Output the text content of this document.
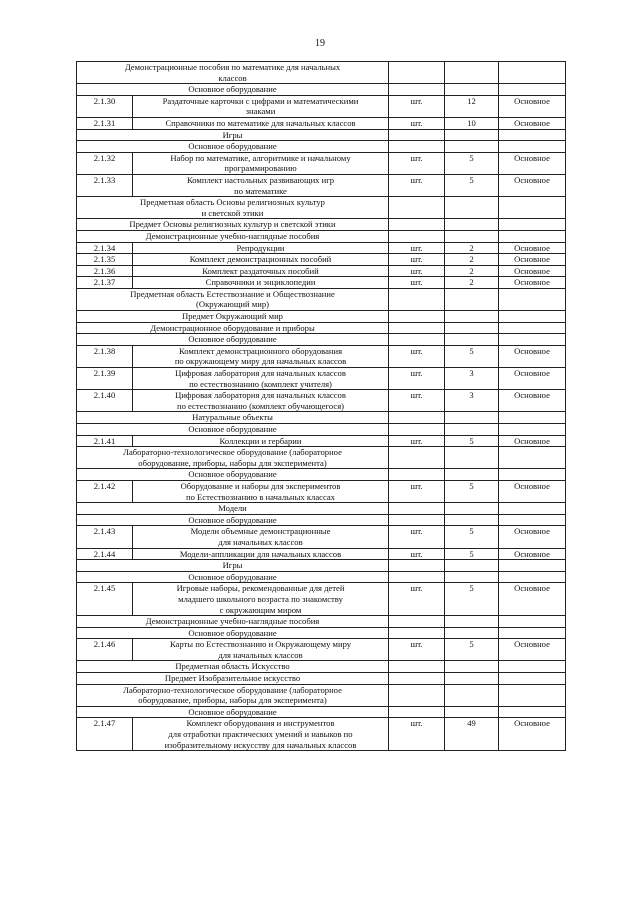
19
Демонстрационные пособия по математике для начальных
классов				
Основное оборудование				
2.1.30	Раздаточные карточки с цифрами и математическими
знаками	шт.	12	Основное
2.1.31	Справочники по математике для начальных классов	шт.	10	Основное
Игры				
Основное оборудование				
2.1.32	Набор по математике, алгоритмике и начальному
программированию	шт.	5	Основное
2.1.33	Комплект настольных развивающих игр
по математике	шт.	5	Основное
Предметная область Основы религиозных культур
и светской этики				
Предмет Основы религиозных культур и светской этики				
Демонстрационные учебно-наглядные пособия				
2.1.34	Репродукции	шт.	2	Основное
2.1.35	Комплект демонстрационных пособий	шт.	2	Основное
2.1.36	Комплект раздаточных пособий	шт.	2	Основное
2.1.37	Справочники и энциклопедии	шт.	2	Основное
Предметная область Естествознание и Обществознание
(Окружающий мир)				
Предмет Окружающий мир				
Демонстрационное оборудование и приборы				
Основное оборудование				
2.1.38	Комплект демонстрационного оборудования
по окружающему миру для начальных классов	шт.	5	Основное
2.1.39	Цифровая лаборатория для начальных классов
по естествознанию (комплект учителя)	шт.	3	Основное
2.1.40	Цифровая лаборатория для начальных классов
по естествознанию (комплект обучающегося)	шт.	3	Основное
Натуральные объекты				
Основное оборудование				
2.1.41	Коллекции и гербарии	шт.	5	Основное
Лабораторно-технологическое оборудование (лабораторное
оборудование, приборы, наборы для эксперимента)				
Основное оборудование				
2.1.42	Оборудование и наборы для экспериментов
по Естествознанию в начальных классах	шт.	5	Основное
Модели				
Основное оборудование				
2.1.43	Модели объемные демонстрационные
для начальных классов	шт.	5	Основное
2.1.44	Модели-аппликации для начальных классов	шт.	5	Основное
Игры				
Основное оборудование				
2.1.45	Игровые наборы, рекомендованные для детей
младшего школьного возраста по знакомству
с окружающим миром	шт.	5	Основное
Демонстрационные учебно-наглядные пособия				
Основное оборудование				
2.1.46	Карты по Естествознанию и Окружающему миру
для начальных классов	шт.	5	Основное
Предметная область Искусство				
Предмет Изобразительное искусство				
Лабораторно-технологическое оборудование (лабораторное
оборудование, приборы, наборы для эксперимента)				
Основное оборудование				
2.1.47	Комплект оборудования и инструментов
для отработки практических умений и навыков по
изобразительному искусству для начальных классов	шт.	49	Основное
